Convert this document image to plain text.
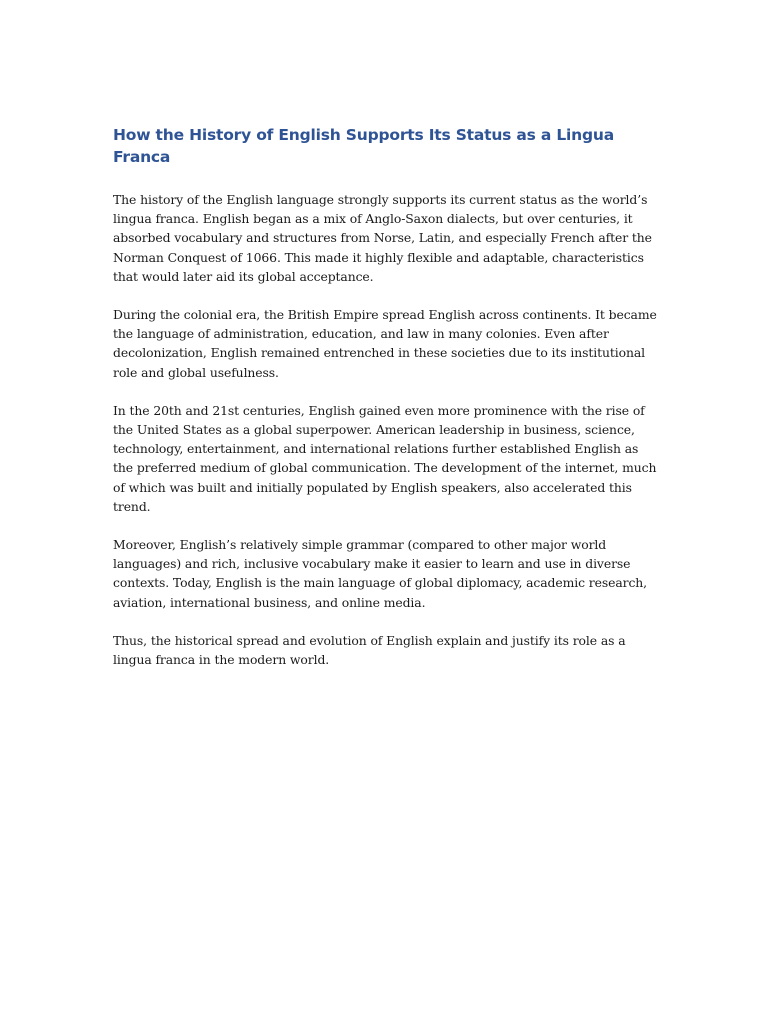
How the History of English Supports Its Status as a Lingua Franca

The history of the English language strongly supports its current status as the world’s lingua franca. English began as a mix of Anglo-Saxon dialects, but over centuries, it absorbed vocabulary and structures from Norse, Latin, and especially French after the Norman Conquest of 1066. This made it highly flexible and adaptable, characteristics that would later aid its global acceptance.

During the colonial era, the British Empire spread English across continents. It became the language of administration, education, and law in many colonies. Even after decolonization, English remained entrenched in these societies due to its institutional role and global usefulness.

In the 20th and 21st centuries, English gained even more prominence with the rise of the United States as a global superpower. American leadership in business, science, technology, entertainment, and international relations further established English as the preferred medium of global communication. The development of the internet, much of which was built and initially populated by English speakers, also accelerated this trend.

Moreover, English’s relatively simple grammar (compared to other major world languages) and rich, inclusive vocabulary make it easier to learn and use in diverse contexts. Today, English is the main language of global diplomacy, academic research, aviation, international business, and online media.

Thus, the historical spread and evolution of English explain and justify its role as a lingua franca in the modern world.
